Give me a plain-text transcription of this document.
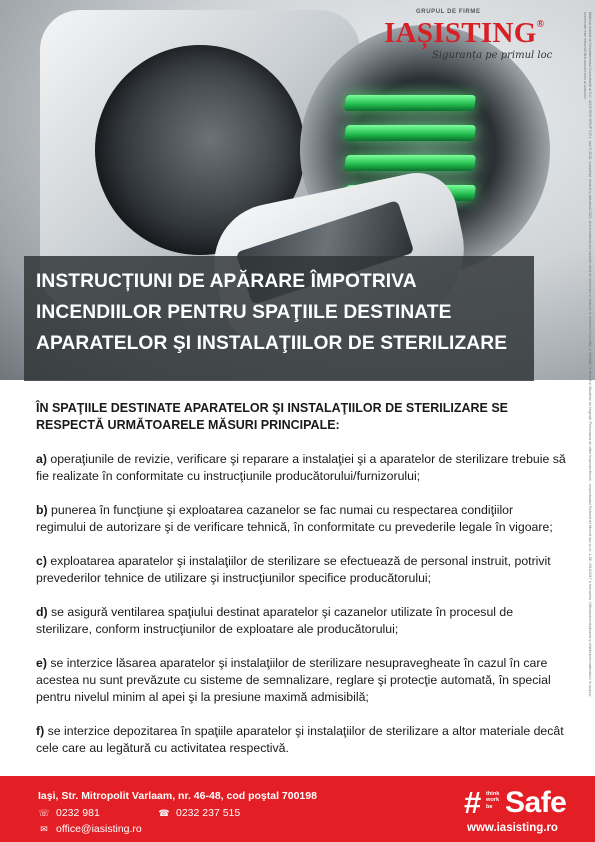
GRUPUL DE FIRME
IAȘISTING®
Siguranța pe primul loc	Material realizat de Departamentul Consultanță al S.C. IAȘISTING GRUP S.R.L. Iași © 2018, completat, revizuit și actualizat 2021. Acest material are caracter strict de informare și instruire în domeniul Securității și Sănătății în Muncă și Situațiilor de Urgență. Prelucrarea de către Inspecția Muncii - Inspectoratul Teritorial de Muncă Iași cu nr. 1-OK 2918/2017 a fost admis. Utilizarea/multiplicarea și distribuirea materialului în scopuri comerciale este interzisă fără acordul scris al autorului.
INSTRUCȚIUNI DE APĂRARE ÎMPOTRIVA
INCENDIILOR PENTRU SPAŢIILE DESTINATE
APARATELOR ŞI INSTALAŢIILOR DE STERILIZARE

ÎN SPAŢIILE DESTINATE APARATELOR ŞI INSTALAŢIILOR DE STERILIZARE SE RESPECTĂ URMĂTOARELE MĂSURI PRINCIPALE:

a) operaţiunile de revizie, verificare şi reparare a instalaţiei şi a aparatelor de sterilizare trebuie să fie realizate în conformitate cu instrucţiunile producătorului/furnizorului;

b) punerea în funcţiune şi exploatarea cazanelor se fac numai cu respectarea condiţiilor regimului de autorizare şi de verificare tehnică, în conformitate cu prevederile legale în vigoare;

c) exploatarea aparatelor şi instalaţiilor de sterilizare se efectuează de personal instruit, potrivit prevederilor tehnice de utilizare şi instrucţiunilor specifice producătorului;

d) se asigură ventilarea spaţiului destinat aparatelor şi cazanelor utilizate în procesul de sterilizare, conform instrucţiunilor de exploatare ale producătorului;

e) se interzice lăsarea aparatelor şi instalaţiilor de sterilizare nesupravegheate în cazul în care acestea nu sunt prevăzute cu sisteme de semnalizare, reglare şi protecţie automată, în special pentru nivelul minim al apei şi la presiune maximă admisibilă;

f) se interzice depozitarea în spaţiile aparatelor şi instalaţiilor de sterilizare a altor materiale decât cele care au legătură cu activitatea respectivă.

Iaşi, Str. Mitropolit Varlaam, nr. 46-48, cod poştal 700198
☏ 0232 981	☎ 0232 237 515
✉ office@iasisting.ro
# think
work
be Safe
www.iasisting.ro
